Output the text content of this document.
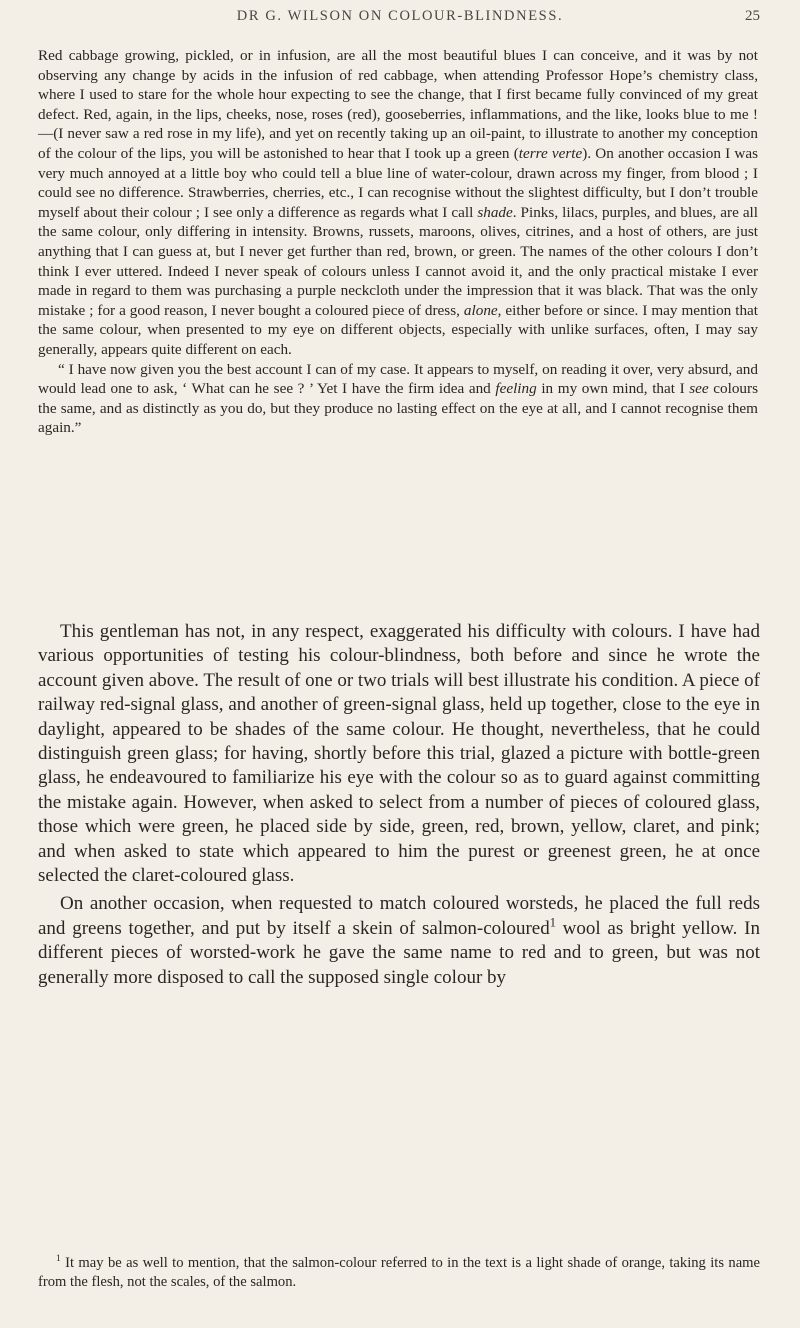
DR G. WILSON ON COLOUR-BLINDNESS.	25

Red cabbage growing, pickled, or in infusion, are all the most beautiful blues I can conceive, and it was by not observing any change by acids in the infusion of red cabbage, when attending Professor Hope’s chemistry class, where I used to stare for the whole hour expecting to see the change, that I first became fully convinced of my great defect. Red, again, in the lips, cheeks, nose, roses (red), gooseberries, inflammations, and the like, looks blue to me ! —(I never saw a red rose in my life), and yet on recently taking up an oil-paint, to illustrate to another my conception of the colour of the lips, you will be astonished to hear that I took up a green (terre verte). On another occasion I was very much annoyed at a little boy who could tell a blue line of water-colour, drawn across my finger, from blood ; I could see no difference. Strawberries, cherries, etc., I can recognise without the slightest difficulty, but I don’t trouble myself about their colour ; I see only a difference as regards what I call shade. Pinks, lilacs, purples, and blues, are all the same colour, only differing in intensity. Browns, russets, maroons, olives, citrines, and a host of others, are just anything that I can guess at, but I never get further than red, brown, or green. The names of the other colours I don’t think I ever uttered. Indeed I never speak of colours unless I cannot avoid it, and the only practical mistake I ever made in regard to them was purchasing a purple neckcloth under the impression that it was black. That was the only mistake ; for a good reason, I never bought a coloured piece of dress, alone, either before or since. I may mention that the same colour, when presented to my eye on different objects, especially with unlike surfaces, often, I may say generally, appears quite different on each.

“ I have now given you the best account I can of my case. It appears to myself, on reading it over, very absurd, and would lead one to ask, ‘ What can he see ? ’ Yet I have the firm idea and feeling in my own mind, that I see colours the same, and as distinctly as you do, but they produce no lasting effect on the eye at all, and I cannot recognise them again.”

This gentleman has not, in any respect, exaggerated his difficulty with colours. I have had various opportunities of testing his colour-blindness, both before and since he wrote the account given above. The result of one or two trials will best illustrate his condition. A piece of railway red-signal glass, and another of green-signal glass, held up together, close to the eye in daylight, appeared to be shades of the same colour. He thought, nevertheless, that he could distinguish green glass; for having, shortly before this trial, glazed a picture with bottle-green glass, he endeavoured to familiarize his eye with the colour so as to guard against committing the mistake again. However, when asked to select from a number of pieces of coloured glass, those which were green, he placed side by side, green, red, brown, yellow, claret, and pink; and when asked to state which appeared to him the purest or greenest green, he at once selected the claret-coloured glass.

On another occasion, when requested to match coloured worsteds, he placed the full reds and greens together, and put by itself a skein of salmon-coloured$^1$ wool as bright yellow. In different pieces of worsted-work he gave the same name to red and to green, but was not generally more disposed to call the supposed single colour by

$^1$ It may be as well to mention, that the salmon-colour referred to in the text is a light shade of orange, taking its name from the flesh, not the scales, of the salmon.
